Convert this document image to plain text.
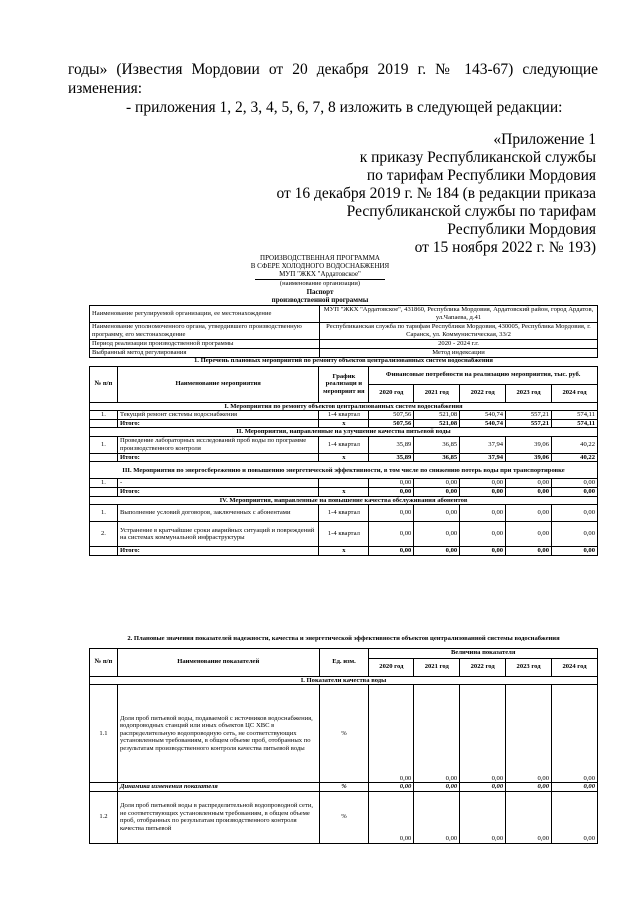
годы» (Известия Мордовии от 20 декабря 2019 г. № 143-67) следующие

изменения:

- приложения 1, 2, 3, 4, 5, 6, 7, 8 изложить в следующей редакции:

«Приложение 1
к приказу Республиканской службы
по тарифам Республики Мордовия
от 16 декабря 2019 г. № 184 (в редакции приказа
Республиканской службы по тарифам
Республики Мордовия
от 15 ноября 2022 г. № 193)
ПРОИЗВОДСТВЕННАЯ ПРОГРАММА
В СФЕРЕ ХОЛОДНОГО ВОДОСНАБЖЕНИЯ
МУП "ЖКХ "Ардатовское"
(наименование организации)
Паспорт
производственной программы
Наименование регулируемой организации, ее местонахождение	МУП "ЖКХ "Ардатовское", 431860, Республика Мордовия, Ардатовский район, город Ардатов, ул.Чапаева, д.41
Наименование уполномоченного органа, утвердившего производственную программу, его местонахождение	Республиканская служба по тарифам Республики Мордовия, 430005, Республика Мордовия, г. Саранск, ул. Коммунистическая, 33/2
Период реализации производственной программы	2020 - 2024 г.г.
Выбранный метод регулирования	Метод индексации
1. Перечень плановых мероприятий по ремонту объектов централизованных систем водоснабжения							
№ п/п	Наименование мероприятия	График реализаци и мероприят ия	Финансовые потребности на реализацию мероприятия, тыс. руб.				
			2020 год	2021 год	2022 год	2023 год	2024 год
I. Мероприятия по ремонту объектов централизованных систем водоснабжения							
1.	Текущий ремонт системы водоснабжения	1-4 квартал	507,56	521,08	540,74	557,21	574,11
	Итого:	x	507,56	521,08	540,74	557,21	574,11
II. Мероприятия, направленные на улучшение качества питьевой воды							
1.	Проведение лабораторных исследований проб воды по программе производственного контроля	1-4 квартал	35,89	36,85	37,94	39,06	40,22
	Итого:	x	35,89	36,85	37,94	39,06	40,22
III. Мероприятия по энергосбережению и повышению энергетической эффективности, в том числе по снижению потерь воды при транспортировке							
1.	-		0,00	0,00	0,00	0,00	0,00
	Итого:	x	0,00	0,00	0,00	0,00	0,00
IV. Мероприятия, направленные на повышение качества обслуживания абонентов							
1.	Выполнение условий договоров, заключенных с абонентами	1-4 квартал	0,00	0,00	0,00	0,00	0,00
2.	Устранение в кратчайшие сроки аварийных ситуаций и повреждений на системах коммунальной инфраструктуры	1-4 квартал	0,00	0,00	0,00	0,00	0,00
	Итого:	x	0,00	0,00	0,00	0,00	0,00
2. Плановые значения показателей надежности, качества и энергетической эффективности объектов централизованной системы водоснабжения							
№ п/п	Наименование показателей	Ед. изм.	Величина показателя				
			2020 год	2021 год	2022 год	2023 год	2024 год
I. Показатели качества воды							
1.1	Доля проб питьевой воды, подаваемой с источников водоснабжения, водопроводных станций или иных объектов ЦС ХВС в распределительную водопроводную сеть, не соответствующих установленным требованиям, в общем объеме проб, отобранных по результатам производственного контроля качества питьевой воды	%	0,00	0,00	0,00	0,00	0,00
	Динамика изменения показателя	%	0,00	0,00	0,00	0,00	0,00
1.2	Доля проб питьевой воды в распределительной водопроводной сети, не соответствующих установленным требованиям, в общем объеме проб, отобранных по результатам производственного контроля качества питьевой	%	0,00	0,00	0,00	0,00	0,00
